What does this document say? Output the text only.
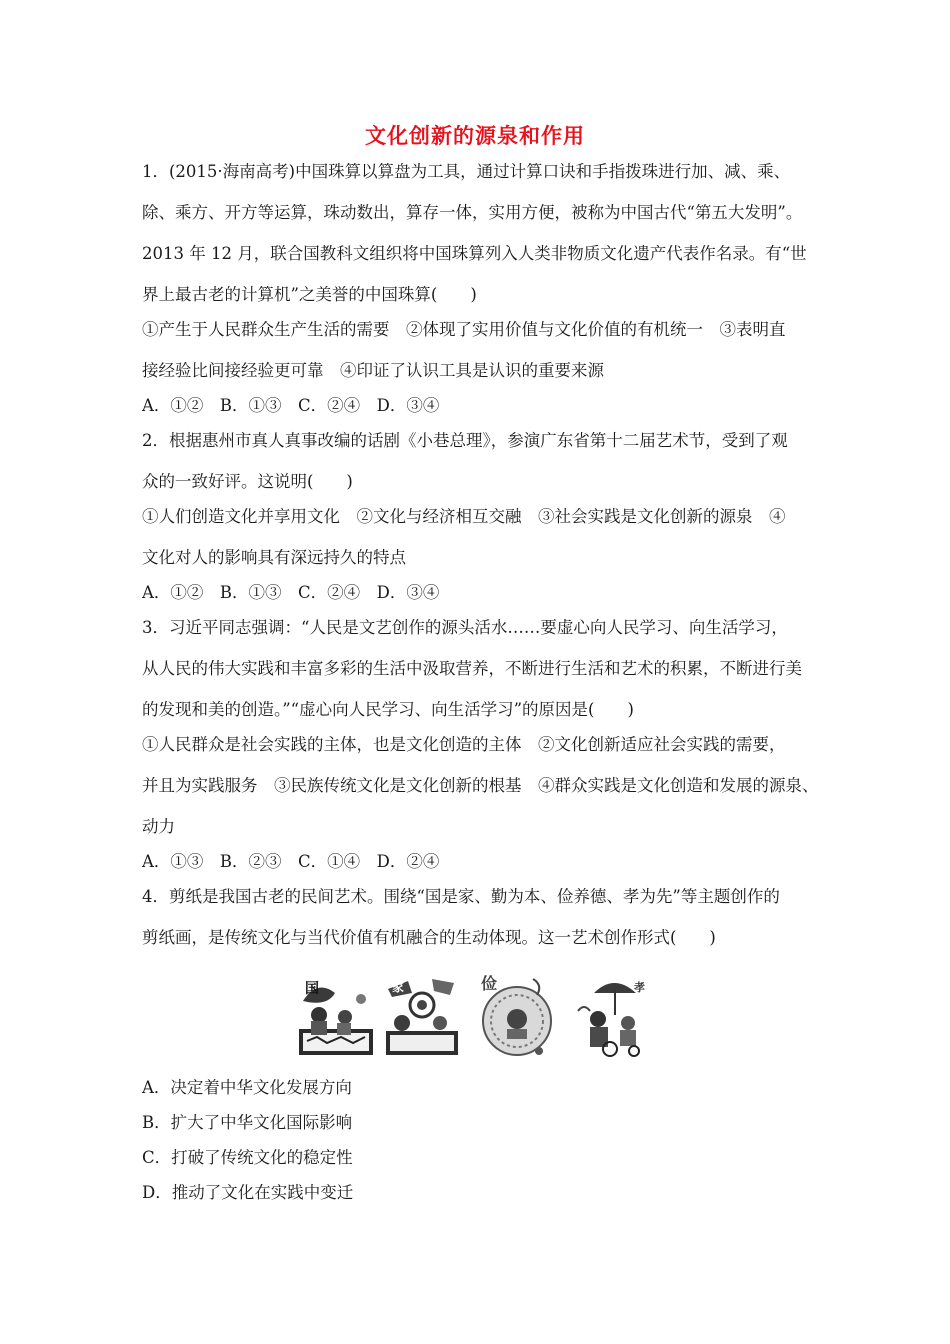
文化创新的源泉和作用
1．(2015·海南高考)中国珠算以算盘为工具，通过计算口诀和手指拨珠进行加、减、乘、
除、乘方、开方等运算，珠动数出，算存一体，实用方便，被称为中国古代“第五大发明”。
2013 年 12 月，联合国教科文组织将中国珠算列入人类非物质文化遗产代表作名录。有“世
界上最古老的计算机”之美誉的中国珠算(　　)
①产生于人民群众生产生活的需要　②体现了实用价值与文化价值的有机统一　③表明直
接经验比间接经验更可靠　④印证了认识工具是认识的重要来源
A．①②　B．①③　C．②④　D．③④
2．根据惠州市真人真事改编的话剧《小巷总理》，参演广东省第十二届艺术节，受到了观
众的一致好评。这说明(　　)
①人们创造文化并享用文化　②文化与经济相互交融　③社会实践是文化创新的源泉　④
文化对人的影响具有深远持久的特点
A．①②　B．①③　C．②④　D．③④
3．习近平同志强调：“人民是文艺创作的源头活水……要虚心向人民学习、向生活学习，
从人民的伟大实践和丰富多彩的生活中汲取营养，不断进行生活和艺术的积累，不断进行美
的发现和美的创造。”“虚心向人民学习、向生活学习”的原因是(　　)
①人民群众是社会实践的主体，也是文化创造的主体　②文化创新适应社会实践的需要，
并且为实践服务　③民族传统文化是文化创新的根基　④群众实践是文化创造和发展的源泉、
动力
A．①③　B．②③　C．①④　D．②④
4．剪纸是我国古老的民间艺术。围绕“国是家、勤为本、俭养德、孝为先”等主题创作的
剪纸画，是传统文化与当代价值有机融合的生动体现。这一艺术创作形式(　　)
国	家	俭	孝
A．决定着中华文化发展方向
B．扩大了中华文化国际影响
C．打破了传统文化的稳定性
D．推动了文化在实践中变迁
